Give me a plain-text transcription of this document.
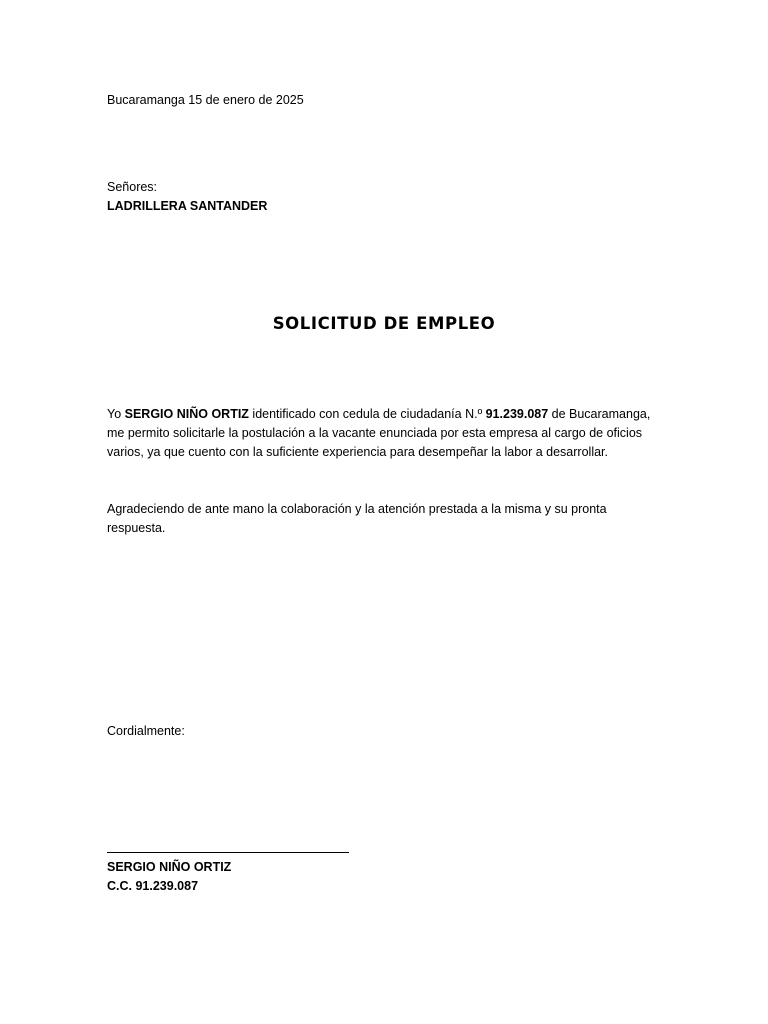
Bucaramanga 15 de enero de 2025
Señores:
LADRILLERA SANTANDER
SOLICITUD DE EMPLEO
Yo SERGIO NIÑO ORTIZ identificado con cedula de ciudadanía N.º 91.239.087 de Bucaramanga,
me permito solicitarle la postulación a la vacante enunciada por esta empresa al cargo de oficios
varios, ya que cuento con la suficiente experiencia para desempeñar la labor a desarrollar.
Agradeciendo de ante mano la colaboración y la atención prestada a la misma y su pronta
respuesta.
Cordialmente:
SERGIO NIÑO ORTIZ
C.C. 91.239.087
